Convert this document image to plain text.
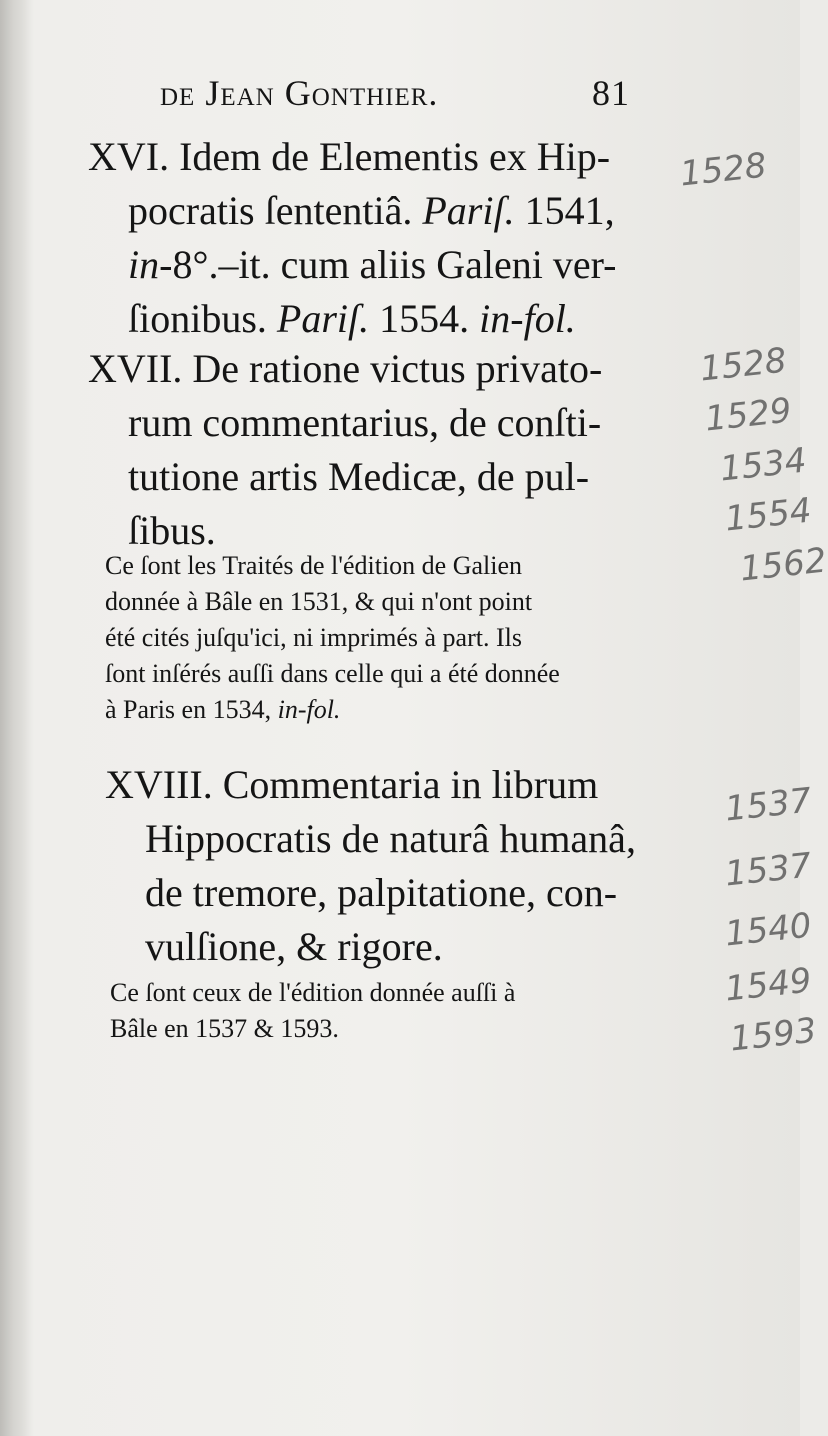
de Jean Gonthier.	81
XVI. Idem de Elementis ex Hip-
pocratis ſententiâ. Pariſ. 1541,
in-8°.–it. cum aliis Galeni ver-
ſionibus. Pariſ. 1554. in-fol.
XVII. De ratione victus privato-
rum commentarius, de conſti-
tutione artis Medicæ, de pul-
ſibus.
Ce ſont les Traités de l'édition de Galien
donnée à Bâle en 1531, & qui n'ont point
été cités juſqu'ici, ni imprimés à part. Ils
ſont inſérés auſſi dans celle qui a été donnée
à Paris en 1534, in-fol.
XVIII. Commentaria in librum
Hippocratis de naturâ humanâ,
de tremore, palpitatione, con-
vulſione, & rigore.
Ce ſont ceux de l'édition donnée auſſi à
Bâle en 1537 & 1593.
1528
1528
1529
1534
1554
1562
1537
1537
1540
1549
1593
